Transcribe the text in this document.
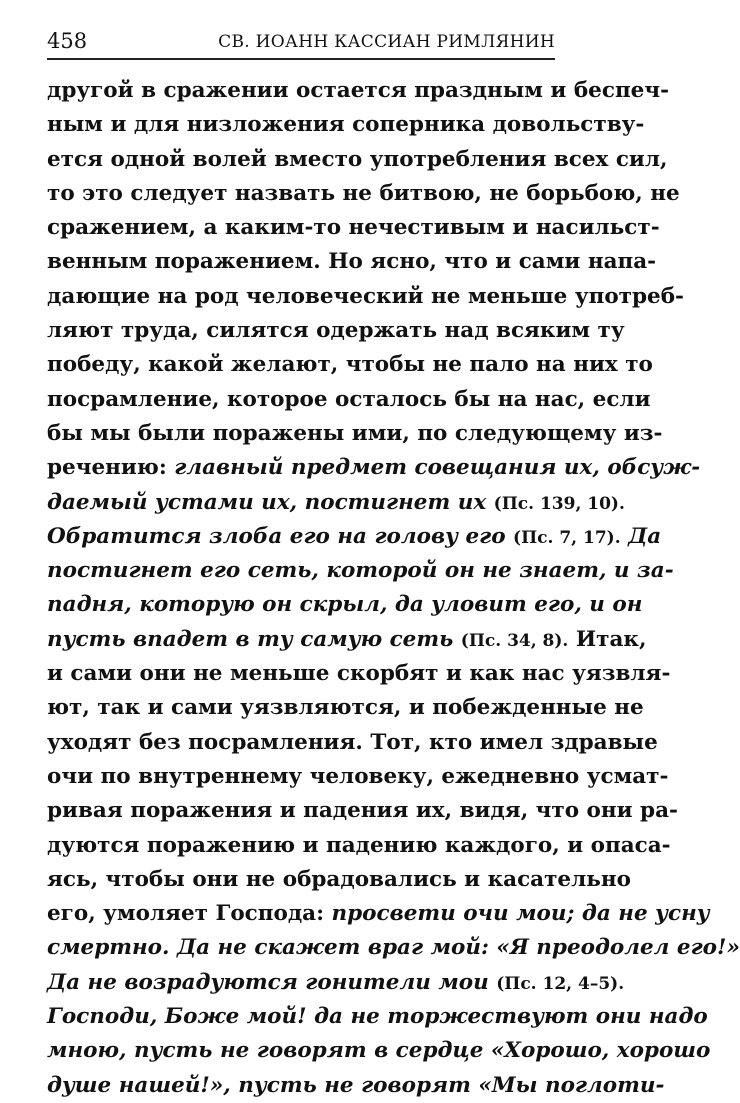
458	СВ. ИОАНН КАССИАН РИМЛЯНИН
другой в сражении остается праздным и беспеч-
ным и для низложения соперника довольству-
ется одной волей вместо употребления всех сил,
то это следует назвать не битвою, не борьбою, не
сражением, а каким-то нечестивым и насильст-
венным поражением. Но ясно, что и сами напа-
дающие на род человеческий не меньше употреб-
ляют труда, силятся одержать над всяким ту
победу, какой желают, чтобы не пало на них то
посрамление, которое осталось бы на нас, если
бы мы были поражены ими, по следующему из-
речению: главный предмет совещания их, обсуж-
даемый устами их, постигнет их (Пс. 139, 10).
Обратится злоба его на голову его (Пс. 7, 17). Да
постигнет его сеть, которой он не знает, и за-
падня, которую он скрыл, да уловит его, и он
пусть впадет в ту самую сеть (Пс. 34, 8). Итак,
и сами они не меньше скорбят и как нас уязвля-
ют, так и сами уязвляются, и побежденные не
уходят без посрамления. Тот, кто имел здравые
очи по внутреннему человеку, ежедневно усмат-
ривая поражения и падения их, видя, что они ра-
дуются поражению и падению каждого, и опаса-
ясь, чтобы они не обрадовались и касательно
его, умоляет Господа: просвети очи мои; да не усну
смертно. Да не скажет враг мой: «Я преодолел его!»
Да не возрадуются гонители мои (Пс. 12, 4–5).
Господи, Боже мой! да не торжествуют они надо
мною, пусть не говорят в сердце «Хорошо, хорошо
душе нашей!», пусть не говорят «Мы поглоти-
